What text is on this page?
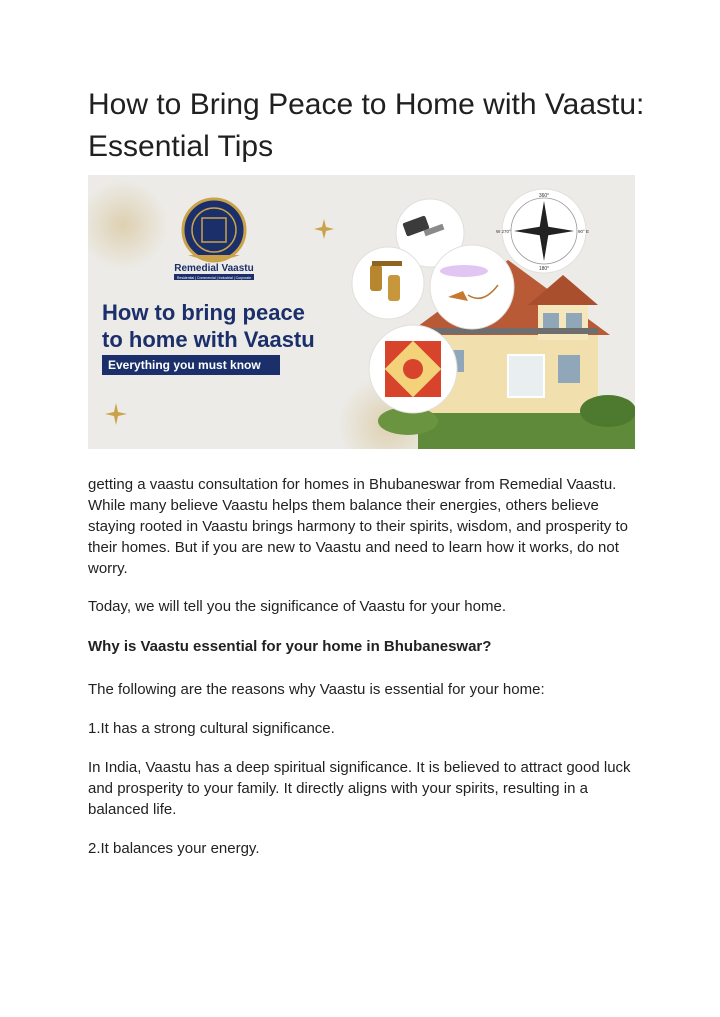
How to Bring Peace to Home with Vaastu: Essential Tips
Remedial Vaastu
Residential | Commercial | Industrial | Corporate
How to bring peace
to home with Vaastu
Everything you must know
360°
90° E
W 270°
180°

getting a vaastu consultation for homes in Bhubaneswar from Remedial Vaastu. While many believe Vaastu helps them balance their energies, others believe staying rooted in Vaastu brings harmony to their spirits, wisdom, and prosperity to their homes. But if you are new to Vaastu and need to learn how it works, do not worry.

Today, we will tell you the significance of Vaastu for your home.

Why is Vaastu essential for your home in Bhubaneswar?

The following are the reasons why Vaastu is essential for your home:

1.It has a strong cultural significance.

In India, Vaastu has a deep spiritual significance. It is believed to attract good luck and prosperity to your family. It directly aligns with your spirits, resulting in a balanced life.

2.It balances your energy.
